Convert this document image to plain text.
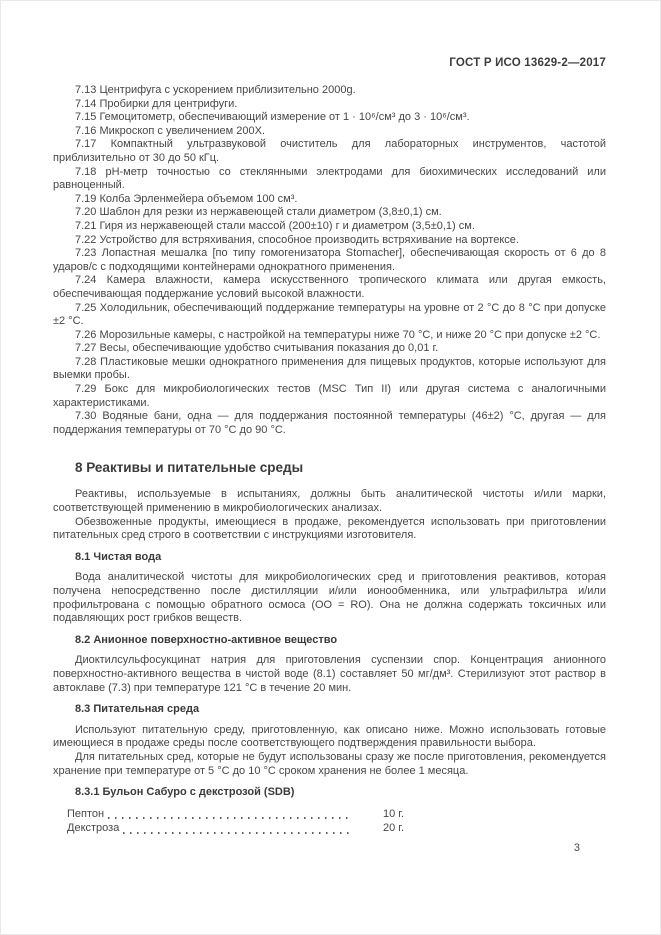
ГОСТ Р ИСО 13629-2—2017

7.13 Центрифуга с ускорением приблизительно 2000g.

7.14 Пробирки для центрифуги.

7.15 Гемоцитометр, обеспечивающий измерение от 1 · 10⁶/см³ до 3 · 10⁶/см³.

7.16 Микроскоп с увеличением 200X.

7.17 Компактный ультразвуковой очиститель для лабораторных инструментов, частотой приблизительно от 30 до 50 кГц.

7.18 pH-метр точностью со стеклянными электродами для биохимических исследований или равноценный.

7.19 Колба Эрленмейера объемом 100 см³.

7.20 Шаблон для резки из нержавеющей стали диаметром (3,8±0,1) см.

7.21 Гиря из нержавеющей стали массой (200±10) г и диаметром (3,5±0,1) см.

7.22 Устройство для встряхивания, способное производить встряхивание на вортексе.

7.23 Лопастная мешалка [по типу гомогенизатора Stomacher], обеспечивающая скорость от 6 до 8 ударов/с с подходящими контейнерами однократного применения.

7.24 Камера влажности, камера искусственного тропического климата или другая емкость, обеспечивающая поддержание условий высокой влажности.

7.25 Холодильник, обеспечивающий поддержание температуры на уровне от 2 °C до 8 °C при допуске ±2 °C.

7.26 Морозильные камеры, с настройкой на температуры ниже 70 °C, и ниже 20 °C при допуске ±2 °C.

7.27 Весы, обеспечивающие удобство считывания показания до 0,01 г.

7.28 Пластиковые мешки однократного применения для пищевых продуктов, которые используют для выемки пробы.

7.29 Бокс для микробиологических тестов (MSC Тип II) или другая система с аналогичными характеристиками.

7.30 Водяные бани, одна — для поддержания постоянной температуры (46±2) °C, другая — для поддержания температуры от 70 °C до 90 °C.

8 Реактивы и питательные среды

Реактивы, используемые в испытаниях, должны быть аналитической чистоты и/или марки, соответствующей применению в микробиологических анализах.

Обезвоженные продукты, имеющиеся в продаже, рекомендуется использовать при приготовлении питательных сред строго в соответствии с инструкциями изготовителя.

8.1 Чистая вода

Вода аналитической чистоты для микробиологических сред и приготовления реактивов, которая получена непосредственно после дистилляции и/или ионообменника, или ультрафильтра и/или профильтрована с помощью обратного осмоса (ОО = RO). Она не должна содержать токсичных или подавляющих рост грибков веществ.

8.2 Анионное поверхностно-активное вещество

Диоктилсульфосукцинат натрия для приготовления суспензии спор. Концентрация анионного поверхностно-активного вещества в чистой воде (8.1) составляет 50 мг/дм³. Стерилизуют этот раствор в автоклаве (7.3) при температуре 121 °C в течение 20 мин.

8.3 Питательная среда

Используют питательную среду, приготовленную, как описано ниже. Можно использовать готовые имеющиеся в продаже среды после соответствующего подтверждения правильности выбора.

Для питательных сред, которые не будут использованы сразу же после приготовления, рекомендуется хранение при температуре от 5 °C до 10 °C сроком хранения не более 1 месяца.

8.3.1 Бульон Сабуро с декстрозой (SDB)
Пептон	10 г.
Декстроза	20 г.
3
